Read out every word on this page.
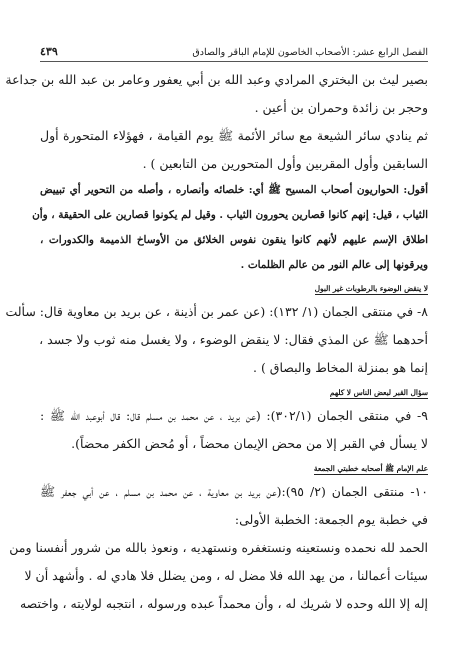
الفصل الرابع عشر: الأصحاب الخاصون للإمام الباقر والصادق
٤٣٩
بصير ليث بن البختري المرادي وعبد الله بن أبي يعفور وعامر بن عبد الله بن جداعة
وحجر بن زائدة وحمران بن أعين .
ثم ينادي سائر الشيعة مع سائر الأئمة ﷺ يوم القيامة ، فهؤلاء المتحورة أول
السابقين وأول المقربين وأول المتحورين من التابعين ) .
أقول: الحواريون أصحاب المسيح ﷺ أي: خلصائه وأنصاره ، وأصله من التحوير أي تبييض
الثياب ، قيل: إنهم كانوا قصارين يحورون الثياب . وقيل لم يكونوا قصارين على الحقيقة ، وأن
اطلاق الإسم عليهم لأنهم كانوا ينقون نفوس الخلائق من الأوساخ الذميمة والكدورات ،
ويرقونها إلى عالم النور من عالم الظلمات .
لا ينقض الوضوء بالرطوبات غير البول
٨- في منتقى الجمان (١/ ١٣٢): (عن عمر بن أذينة ، عن بريد بن معاوية قال: سألت
أحدهما ﷺ عن المذي فقال: لا ينقض الوضوء ، ولا يغسل منه ثوب ولا جسد ،
إنما هو بمنزلة المخاط والبصاق ) .
سؤال القبر لبعض الناس لا كلهم
٩- في منتقى الجمان (٣٠٢/١): (عن بريد ، عن محمد بن مسلم قال: قال أبوعبد الله ﷺ :
لا يسأل في القبر إلا من محض الإيمان محضاً ، أو مُحض الكفر محضاً).
علم الإمام ﷺ أصحابه خطبتي الجمعة
١٠- منتقى الجمان (٢/ ٩٥):(عن بريد بن معاوية ، عن محمد بن مسلم ، عن أبي جعفر ﷺ
في خطبة يوم الجمعة: الخطبة الأولى:
الحمد لله نحمده ونستعينه ونستغفره ونستهديه ، ونعوذ بالله من شرور أنفسنا ومن
سيئات أعمالنا ، من يهد الله فلا مضل له ، ومن يضلل فلا هادي له . وأشهد أن لا
إله إلا الله وحده لا شريك له ، وأن محمداً عبده ورسوله ، انتجبه لولايته ، واختصه
